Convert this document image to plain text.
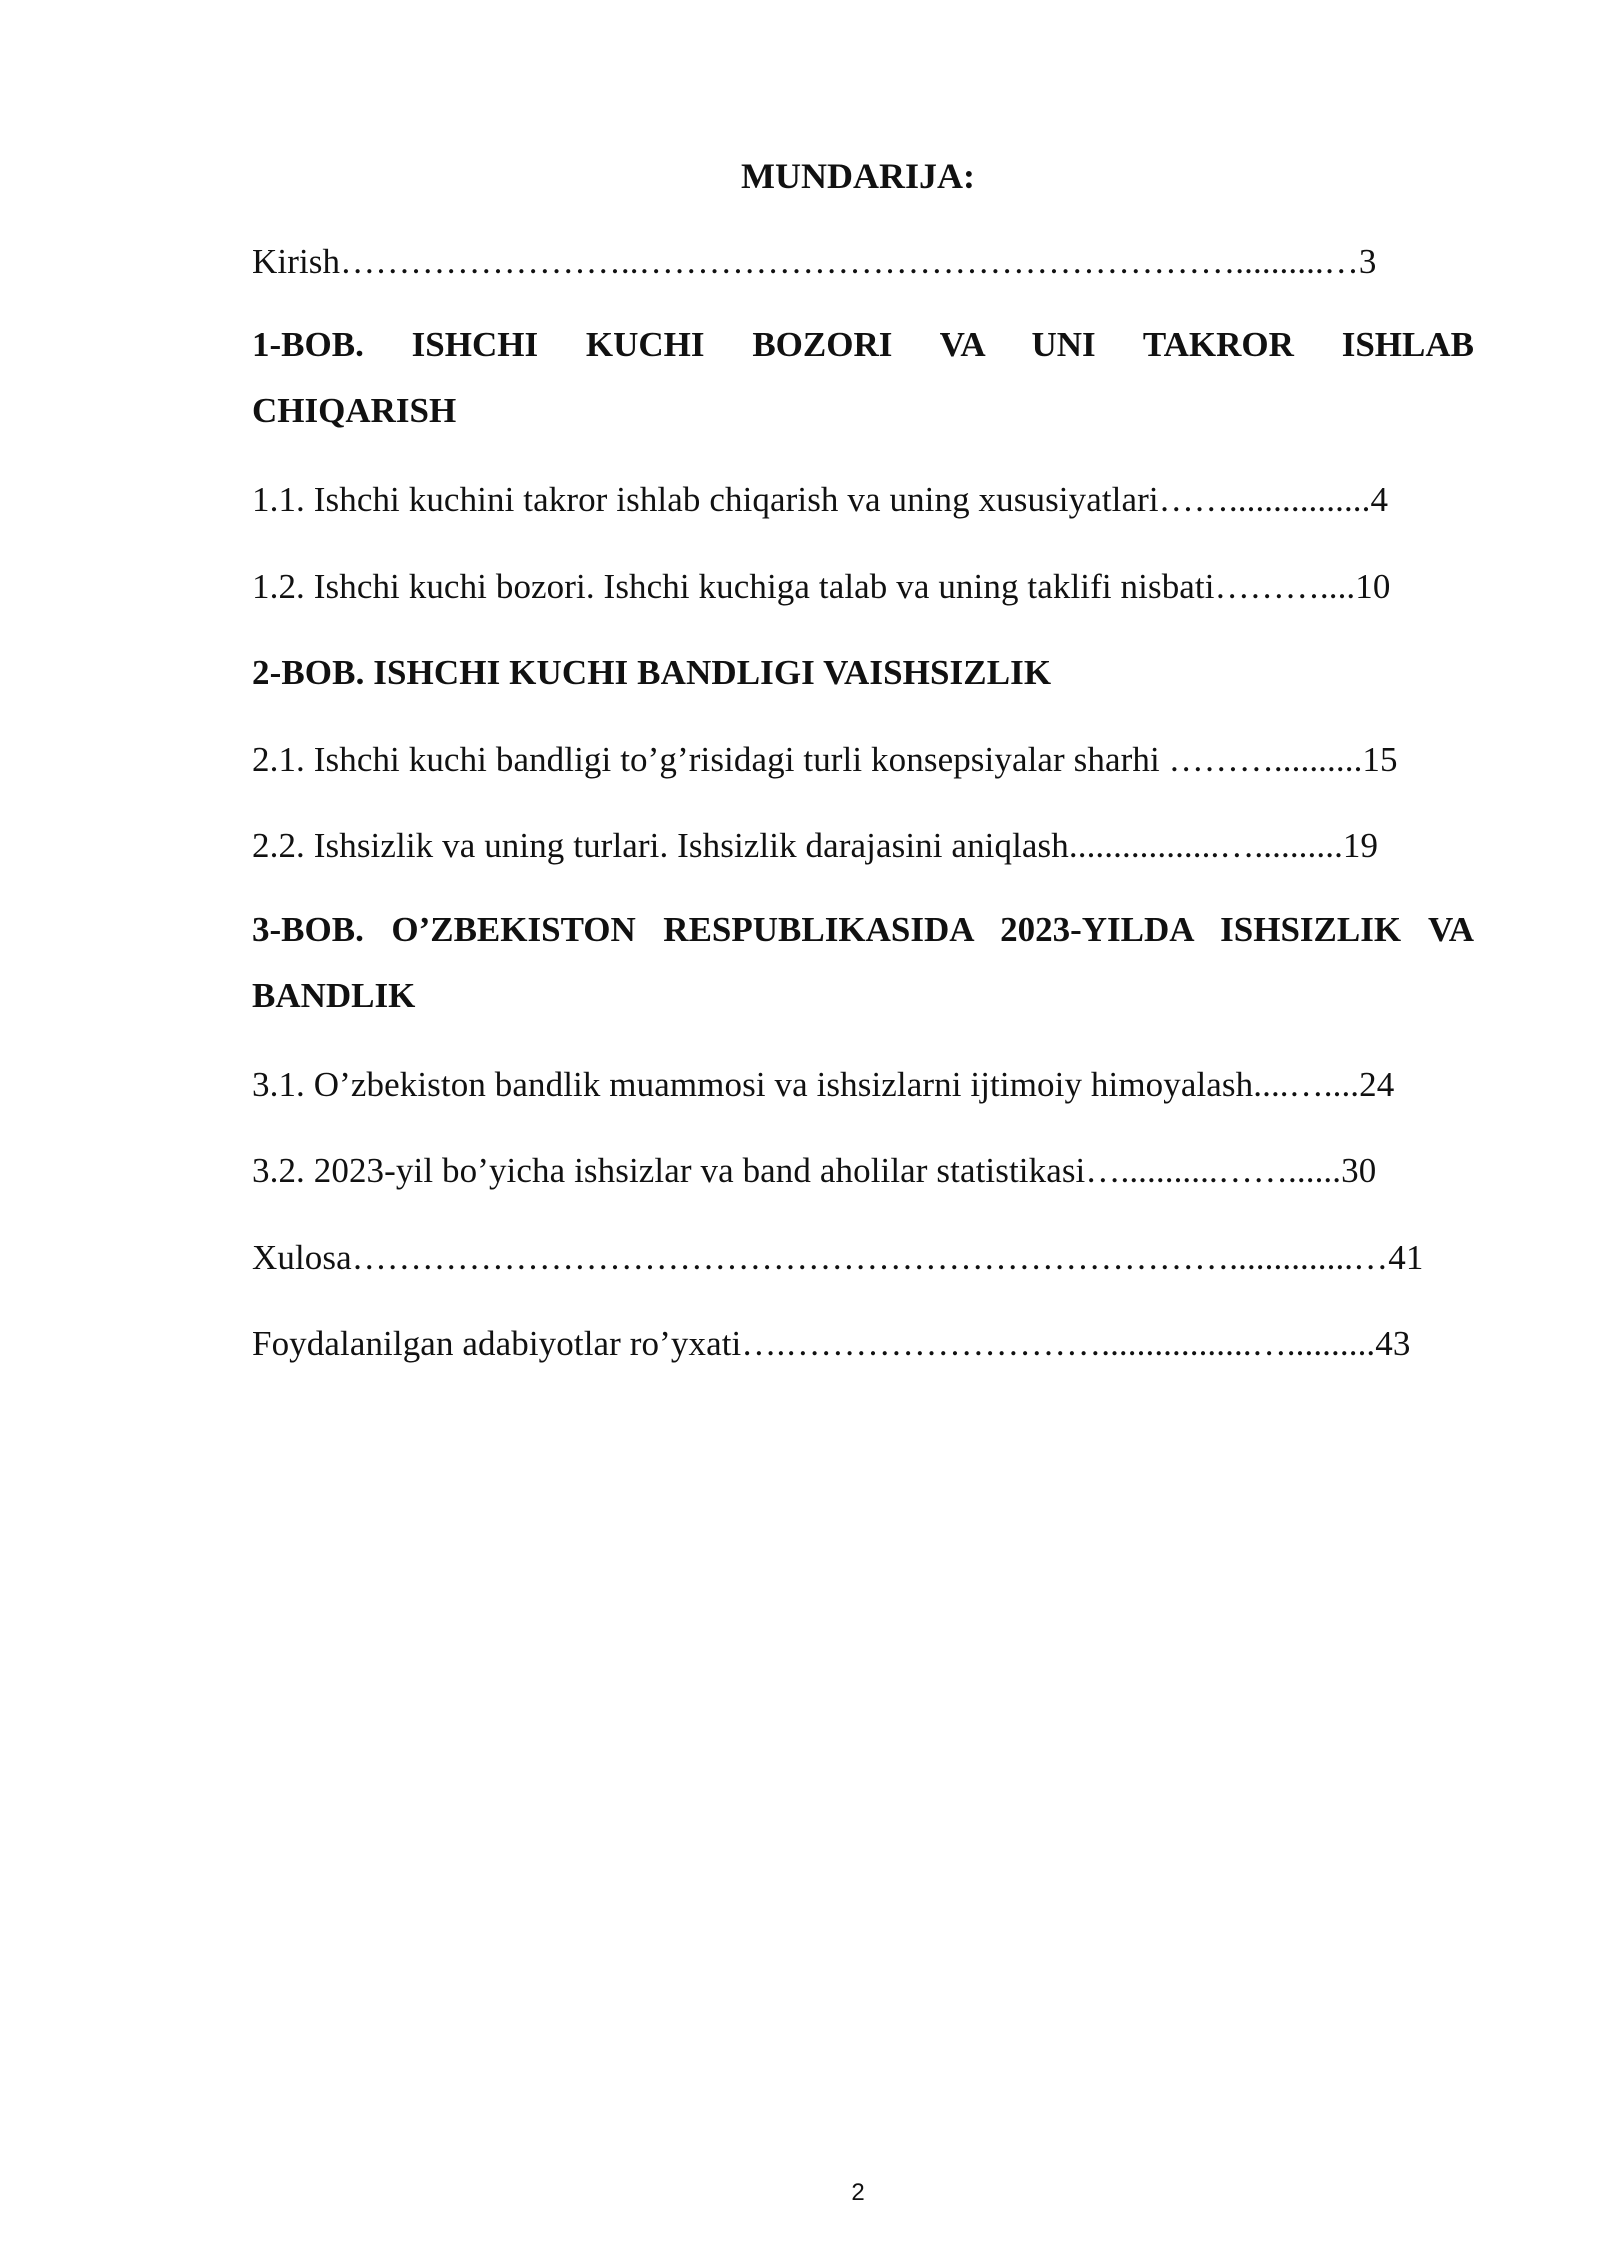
MUNDARIJA:
Kirish……………………..……………………………………………..........…3
1-BOB. ISHCHI KUCHI BOZORI VA UNI TAKROR ISHLAB
CHIQARISH
1.1. Ishchi kuchini takror ishlab chiqarish va uning xususiyatlari……................4
1.2. Ishchi kuchi bozori. Ishchi kuchiga talab va uning taklifi nisbati………....10
2-BOB. ISHCHI KUCHI BANDLIGI VAISHSIZLIK
2.1. Ishchi kuchi bandligi to’g’risidagi turli konsepsiyalar sharhi ………..........15
2.2. Ishsizlik va uning turlari. Ishsizlik darajasini aniqlash.................…..........19
3-BOB. O’ZBEKISTON RESPUBLIKASIDA 2023-YILDA ISHSIZLIK VA
BANDLIK
3.1. O’zbekiston bandlik muammosi va ishsizlarni ijtimoiy himoyalash....…....24
3.2. 2023-yil bo’yicha ishsizlar va band aholilar statistikasi…...........……......30
Xulosa…………………………………………………………………..............…41
Foydalanilgan adabiyotlar ro’yxati….……………………….................…..........43
2
